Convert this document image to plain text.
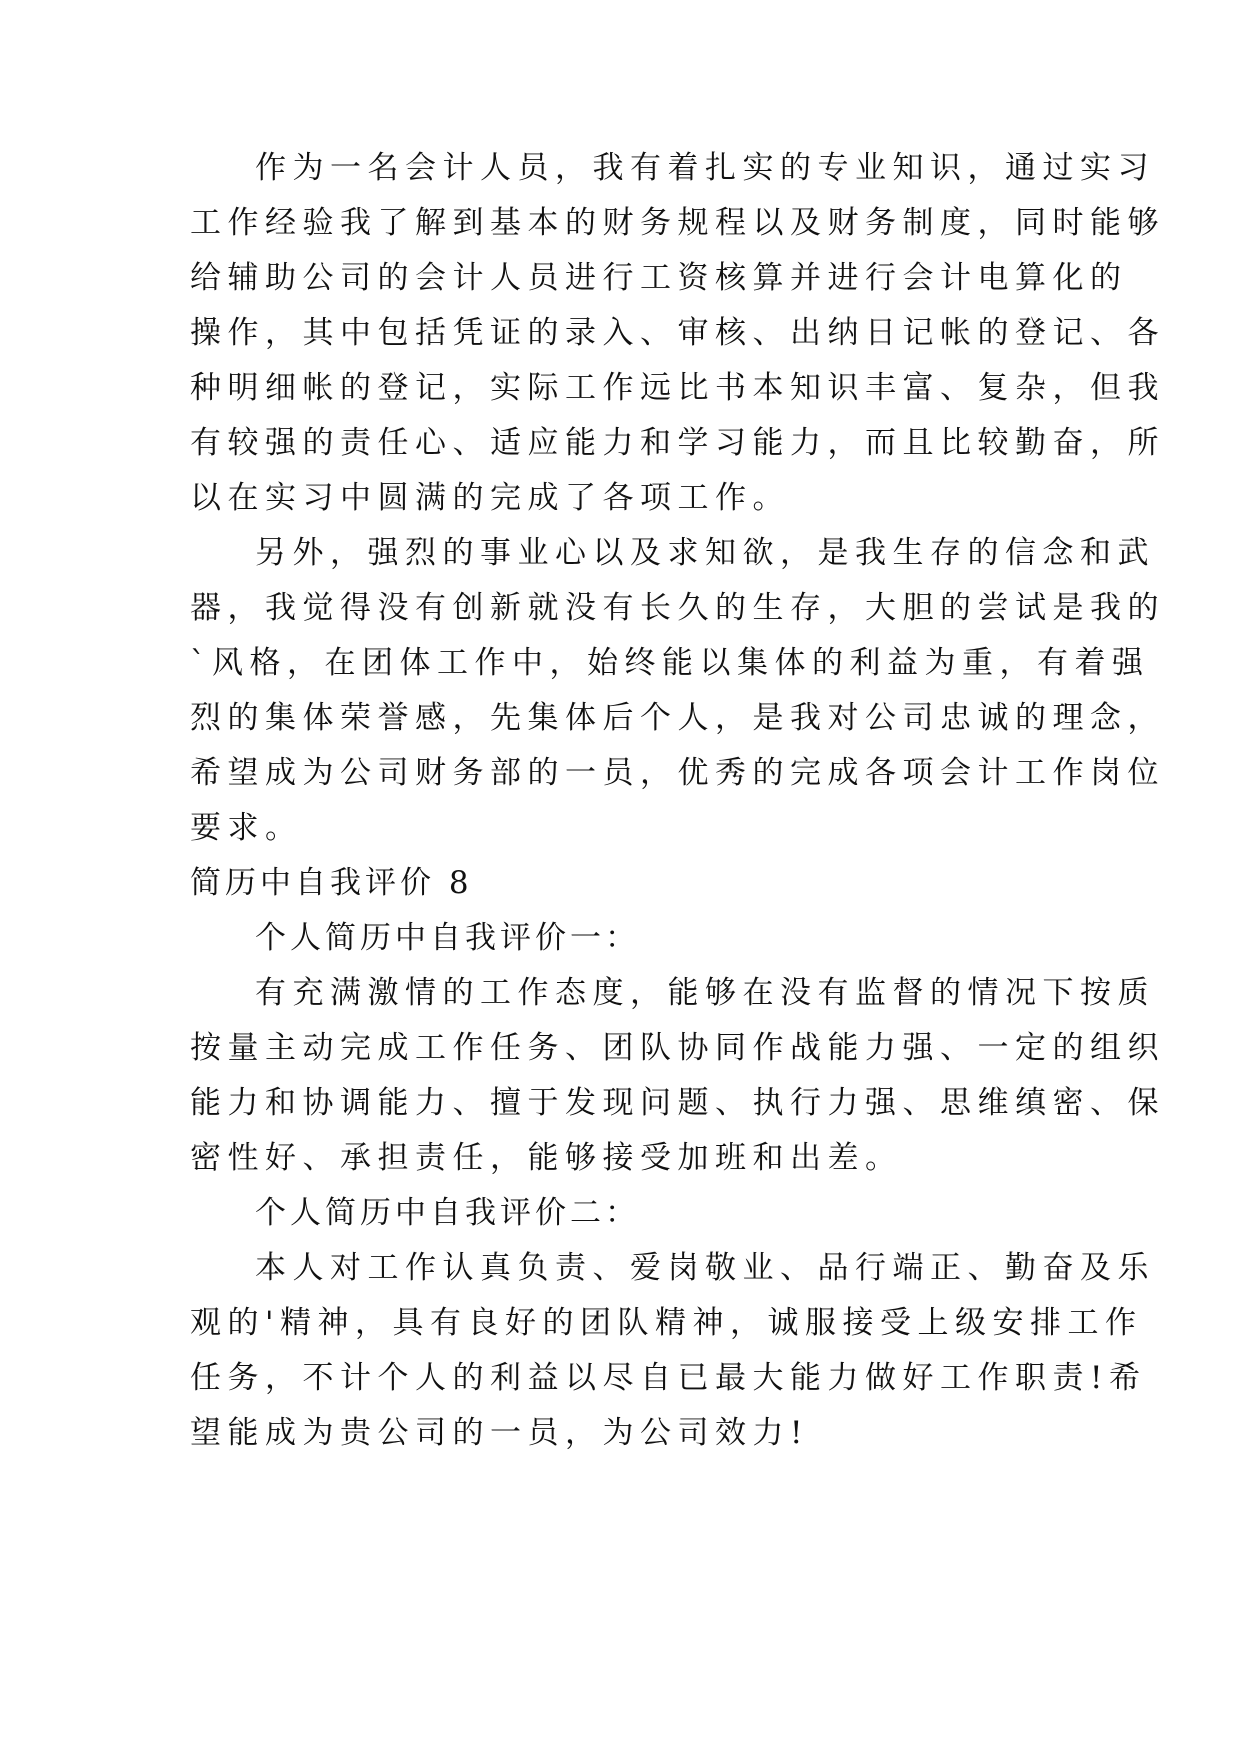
作为一名会计人员，我有着扎实的专业知识，通过实习

工作经验我了解到基本的财务规程以及财务制度，同时能够

给辅助公司的会计人员进行工资核算并进行会计电算化的

操作，其中包括凭证的录入、审核、出纳日记帐的登记、各

种明细帐的登记，实际工作远比书本知识丰富、复杂，但我

有较强的责任心、适应能力和学习能力，而且比较勤奋，所

以在实习中圆满的完成了各项工作。

另外，强烈的事业心以及求知欲，是我生存的信念和武

器，我觉得没有创新就没有长久的生存，大胆的尝试是我的

`风格，在团体工作中，始终能以集体的利益为重，有着强

烈的集体荣誉感，先集体后个人，是我对公司忠诚的理念，

希望成为公司财务部的一员，优秀的完成各项会计工作岗位

要求。

简历中自我评价 8

个人简历中自我评价一：

有充满激情的工作态度，能够在没有监督的情况下按质

按量主动完成工作任务、团队协同作战能力强、一定的组织

能力和协调能力、擅于发现问题、执行力强、思维缜密、保

密性好、承担责任，能够接受加班和出差。

个人简历中自我评价二：

本人对工作认真负责、爱岗敬业、品行端正、勤奋及乐

观的'精神，具有良好的团队精神，诚服接受上级安排工作

任务，不计个人的利益以尽自已最大能力做好工作职责!希

望能成为贵公司的一员，为公司效力!
